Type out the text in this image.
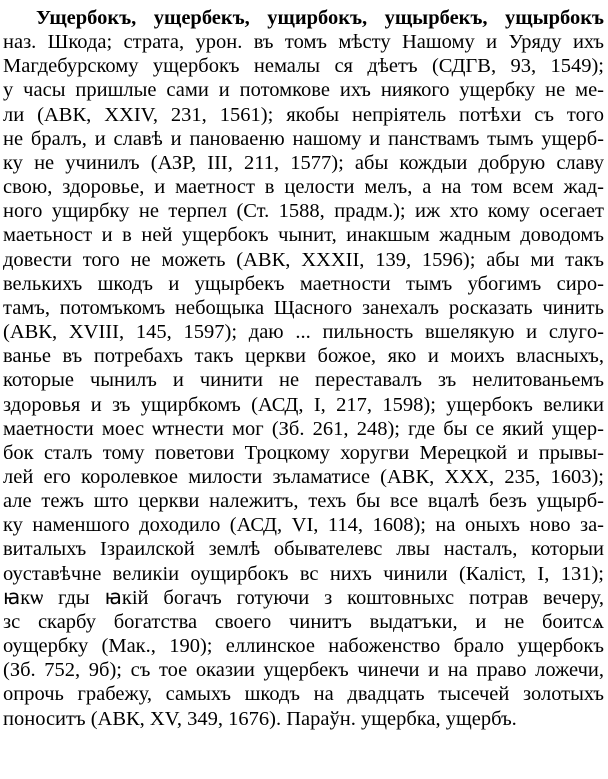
Ущербокъ, ущербекъ, ущирбокъ, ущырбекъ, ущырбокъ
наз. Шкода; страта, урон. въ томъ мѣсту Нашому и Уряду ихъ
Магдебурскому ущербокъ немалы ся дѣетъ (СДГВ, 93, 1549);
у часы пришлые сами и потомкове ихъ ниякого ущербку не ме-
ли (АВК, XXIV, 231, 1561); якобы непріятель потѣхи съ того
не бралъ, и славѣ и пановаеню нашому и панствамъ тымъ ущерб-
ку не учинилъ (АЗР, III, 211, 1577); абы кождыи добрую славу
свою, здоровье, и маетност в целости мелъ, а на том всем жад-
ного ущирбку не терпел (Ст. 1588, прадм.); иж хто кому осегает
маетьност и в ней ущербокъ чынит, инакшым жадным доводомъ
довести того не можеть (АВК, XXXII, 139, 1596); абы ми такъ
велькихъ шкодъ и ущырбекъ маетности тымъ убогимъ сиро-
тамъ, потомъкомъ небощыка Щасного занехалъ росказать чинить
(АВК, XVIII, 145, 1597); даю ... пильность вшелякую и слугo-
ванье въ потребахъ такъ церкви божое, яко и моихъ власныхъ,
которые чынилъ и чинити не переставалъ зъ нелитованьемъ
здоровья и зъ ущирбкомъ (АСД, I, 217, 1598); ущербокъ велики
маетности моес ѡтнести мог (Зб. 261, 248); где бы се який ущер-
бок сталъ тому поветови Троцкому хоругви Мерецкой и прывы-
лей его королевкое милости зъламатисе (АВК, XXX, 235, 1603);
але тежъ што церкви належитъ, техъ бы все вцалѣ безъ ущырб-
ку наменшого доходило (АСД, VI, 114, 1608); на оныхъ ново за-
виталыхъ Ізраилской землѣ обывателевс лвы насталъ, которыи
оуставѣчне великіи оущирбокъ вс нихъ чинили (Каліст, I, 131);
ꙗкѡ гды ꙗкій богачъ готуючи з коштовныхс потрав вечеру,
зс скарбу богатства своего чинитъ выдатъки, и не боитсѧ
оущербку (Мак., 190); еллинское набоженство брало ущербокъ
(Зб. 752, 9б); съ тое оказии ущербекъ чинечи и на право ложечи,
опрочь грабежу, самыхъ шкодъ на двадцать тысечей золотыхъ
поноситъ (АВК, XV, 349, 1676). Параўн. ущербка, ущербъ.
